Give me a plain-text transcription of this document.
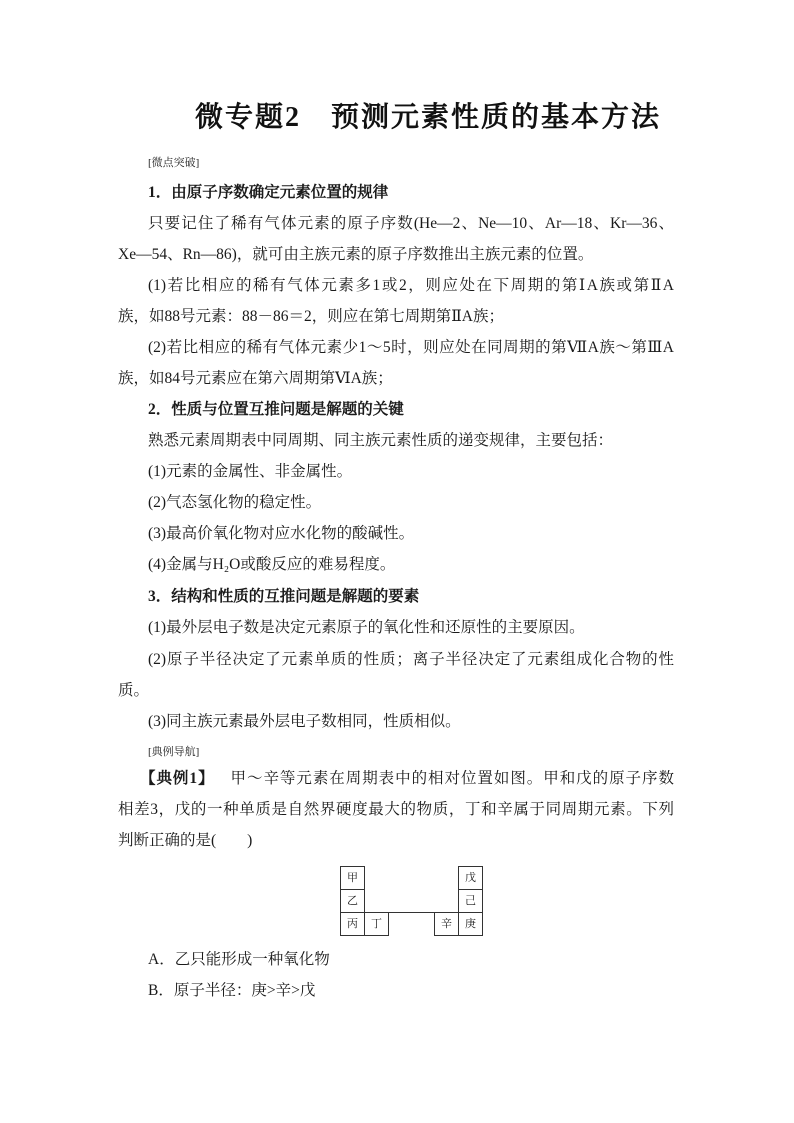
微专题2　预测元素性质的基本方法
[微点突破]
1．由原子序数确定元素位置的规律
只要记住了稀有气体元素的原子序数(He—2、Ne—10、Ar—18、Kr—36、
Xe—54、Rn—86)，就可由主族元素的原子序数推出主族元素的位置。
(1)若比相应的稀有气体元素多1或2，则应处在下周期的第ⅠA族或第ⅡA
族，如88号元素：88－86＝2，则应在第七周期第ⅡA族；
(2)若比相应的稀有气体元素少1～5时，则应处在同周期的第ⅦA族～第ⅢA
族，如84号元素应在第六周期第ⅥA族；
2．性质与位置互推问题是解题的关键
熟悉元素周期表中同周期、同主族元素性质的递变规律，主要包括：
(1)元素的金属性、非金属性。
(2)气态氢化物的稳定性。
(3)最高价氧化物对应水化物的酸碱性。
(4)金属与H₂O或酸反应的难易程度。
3．结构和性质的互推问题是解题的要素
(1)最外层电子数是决定元素原子的氧化性和还原性的主要原因。
(2)原子半径决定了元素单质的性质；离子半径决定了元素组成化合物的性
质。
(3)同主族元素最外层电子数相同，性质相似。
[典例导航]
【典例1】 甲～辛等元素在周期表中的相对位置如图。甲和戊的原子序数
相差3，戊的一种单质是自然界硬度最大的物质，丁和辛属于同周期元素。下列
判断正确的是(　　)
甲
乙
丙	丁	辛
戊
己
庚
A．乙只能形成一种氧化物
B．原子半径：庚>辛>戊
